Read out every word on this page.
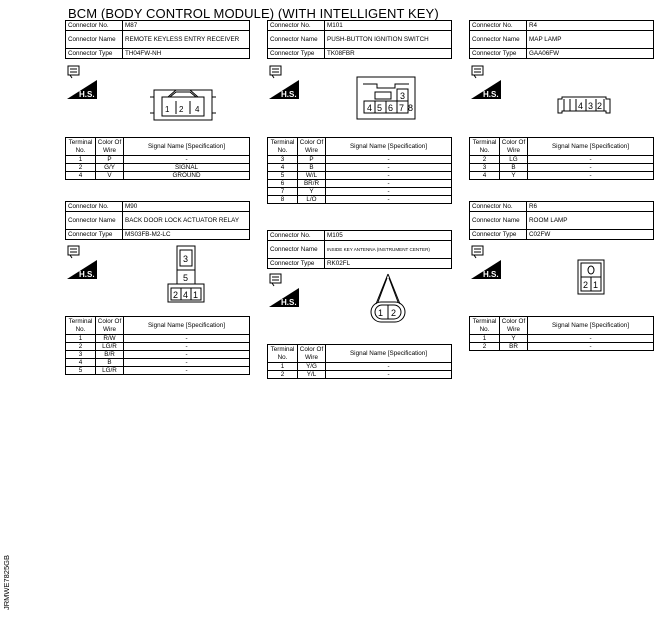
BCM (BODY CONTROL MODULE) (WITH INTELLIGENT KEY)
Connector No.	M87
Connector Name	REMOTE KEYLESS ENTRY RECEIVER
Connector Type	TH04FW-NH
H.S.
1 2 4
Terminal No.	Color Of Wire	Signal Name [Specification]
1	P	-
2	G/Y	SIGNAL
4	V	GROUND
Connector No.	M101
Connector Name	PUSH-BUTTON IGNITION SWITCH
Connector Type	TK08FBR
H.S.	3
4 5 6 7 8
Terminal No.	Color Of Wire	Signal Name [Specification]
3	P	-
4	B	-
5	W/L	-
6	BR/R	-
7	Y	-
8	L/O	-
Connector No.	R4
Connector Name	MAP LAMP
Connector Type	GAA06FW
H.S.
4 3 2
Terminal No.	Color Of Wire	Signal Name [Specification]
2	LG	-
3	B	-
4	Y	-
Connector No.	M90
Connector Name	BACK DOOR LOCK ACTUATOR RELAY
Connector Type	MS03FB-M2-LC
H.S.
3
5
2 4 1
Terminal No.	Color Of Wire	Signal Name [Specification]
1	R/W	-
2	LG/R	-
3	B/R	-
4	B	-
5	LG/R	-
Connector No.	M105
Connector Name	INSIDE KEY ANTENNA (INSTRUMENT CENTER)
Connector Type	RK02FL
H.S.
1 2
Terminal No.	Color Of Wire	Signal Name [Specification]
1	Y/G	-
2	Y/L	-
Connector No.	R6
Connector Name	ROOM LAMP
Connector Type	C02FW
H.S.
2 1
Terminal No.	Color Of Wire	Signal Name [Specification]
1	Y	-
2	BR	-
JRMWE7825GB
